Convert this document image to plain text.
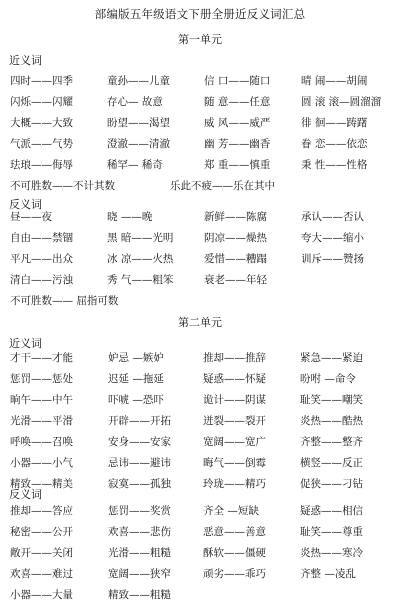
部编版五年级语文下册全册近反义词汇总
第一单元
近义词
四时——四季	童孙——儿童	信 口——随口	晴 闹——胡闹
闪烁——闪耀	存心— 故意	随 意——任意	圆 滚 滚—圆溜溜
大概——大致	盼望——渴望	威 风——威严	徘 徊——踌躇
气派——气势	澄澈——清澈	幽 芳——幽香	眷 恋——依恋
珐琅——侮辱	稀罕— 稀奇	郑 重——慎重	秉 性——性格
不可胜数——不计其数	乐此不疲——乐在其中
反义词
昼——夜	晓 ——晚	新鲜——陈腐	承认——否认
自由——禁锢	黑 暗——光明	阴凉——燥热	夸大——缩小
平凡——出众	冰 凉——火热	爱惜——糟蹋	训斥——赞扬
清白——污浊	秀 气——粗笨	衰老——年轻
不可胜数—— 屈指可数
第二单元
近义词
才干——才能	妒忌 —嫉妒	推却——推辞	紧急——紧迫
惩罚——惩处	迟延 —拖延	疑惑——怀疑	吩咐 —命令
晌午——中午	吓唬 —恐吓	诡计——阴谋	耻笑——嘲笑
光滑——平滑	开辟——开拓	迸裂——裂开	炎热——酷热
呼唤——召唤	安身——安家	宽阔——宽广	齐整——整齐
小器——小气	忌讳——避讳	晦气——倒霉	横竖——反正
精致——精美	寂寞——孤独	玲珑——精巧	促狭——刁钻
反义词
推却——答应	惩罚——奖赏	齐全 —短缺	疑惑——相信
秘密——公开	欢喜——悲伤	恶意——善意	耻笑——尊重
敞开——关闭	光滑——粗糙	酥软——僵硬	炎热——寒冷
欢喜——难过	宽阔——狭窄	顽劣——乖巧	齐整 —凌乱
小器——大量	精致——粗糙
